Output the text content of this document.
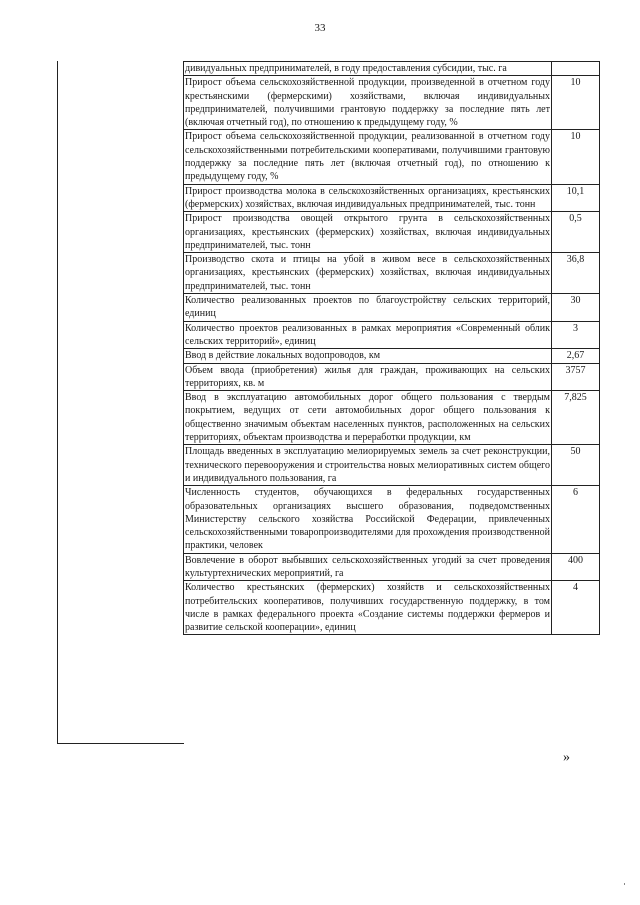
33
дивидуальных предпринимателей, в году предоставления субсидии, тыс. га	
Прирост объема сельскохозяйственной продукции, произведенной в отчетном году крестьянскими (фермерскими) хозяйствами, включая индивидуальных предпринимателей, получившими грантовую поддержку за последние пять лет (включая отчетный год), по отношению к предыдущему году, %	10
Прирост объема сельскохозяйственной продукции, реализованной в отчетном году сельскохозяйственными потребительскими кооперативами, получившими грантовую поддержку за последние пять лет (включая отчетный год), по отношению к предыдущему году, %	10
Прирост производства молока в сельскохозяйственных организациях, крестьянских (фермерских) хозяйствах, включая индивидуальных предпринимателей, тыс. тонн	10,1
Прирост производства овощей открытого грунта в сельскохозяйственных организациях, крестьянских (фермерских) хозяйствах, включая индивидуальных предпринимателей, тыс. тонн	0,5
Производство скота и птицы на убой в живом весе в сельскохозяйственных организациях, крестьянских (фермерских) хозяйствах, включая индивидуальных предпринимателей, тыс. тонн	36,8
Количество реализованных проектов по благоустройству сельских территорий, единиц	30
Количество проектов реализованных в рамках мероприятия «Современный облик сельских территорий», единиц	3
Ввод в действие локальных водопроводов, км	2,67
Объем ввода (приобретения) жилья для граждан, проживающих на сельских территориях, кв. м	3757
Ввод в эксплуатацию автомобильных дорог общего пользования с твердым покрытием, ведущих от сети автомобильных дорог общего пользования к общественно значимым объектам населенных пунктов, расположенных на сельских территориях, объектам производства и переработки продукции, км	7,825
Площадь введенных в эксплуатацию мелиорируемых земель за счет реконструкции, технического перевооружения и строительства новых мелиоративных систем общего и индивидуального пользования, га	50
Численность студентов, обучающихся в федеральных государственных образовательных организациях высшего образования, подведомственных Министерству сельского хозяйства Российской Федерации, привлеченных сельскохозяйственными товаропроизводителями для прохождения производственной практики, человек	6
Вовлечение в оборот выбывших сельскохозяйственных угодий за счет проведения культуртехнических мероприятий, га	400
Количество крестьянских (фермерских) хозяйств и сельскохозяйственных потребительских кооперативов, получивших государственную поддержку, в том числе в рамках федерального проекта «Создание системы поддержки фермеров и развитие сельской кооперации», единиц	4
»
